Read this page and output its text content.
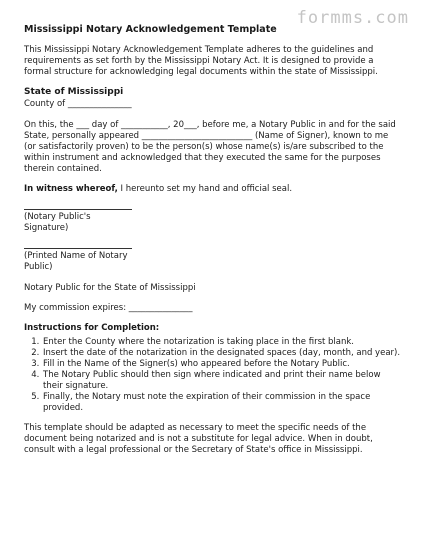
formms.com
Mississippi Notary Acknowledgement Template

This Mississippi Notary Acknowledgement Template adheres to the guidelines and requirements as set forth by the Mississippi Notary Act. It is designed to provide a formal structure for acknowledging legal documents within the state of Mississippi.

State of Mississippi
County of _______________

On this, the ___ day of ___________, 20___, before me, a Notary Public in and for the said State, personally appeared __________________________ (Name of Signer), known to me (or satisfactorily proven) to be the person(s) whose name(s) is/are subscribed to the within instrument and acknowledged that they executed the same for the purposes therein contained.

In witness whereof, I hereunto set my hand and official seal.

(Notary Public's Signature)
(Printed Name of Notary Public)

Notary Public for the State of Mississippi

My commission expires: _______________

Instructions for Completion:
1. Enter the County where the notarization is taking place in the first blank.
2. Insert the date of the notarization in the designated spaces (day, month, and year).
3. Fill in the Name of the Signer(s) who appeared before the Notary Public.
4. The Notary Public should then sign where indicated and print their name below their signature.
5. Finally, the Notary must note the expiration of their commission in the space provided.

This template should be adapted as necessary to meet the specific needs of the document being notarized and is not a substitute for legal advice. When in doubt, consult with a legal professional or the Secretary of State's office in Mississippi.
